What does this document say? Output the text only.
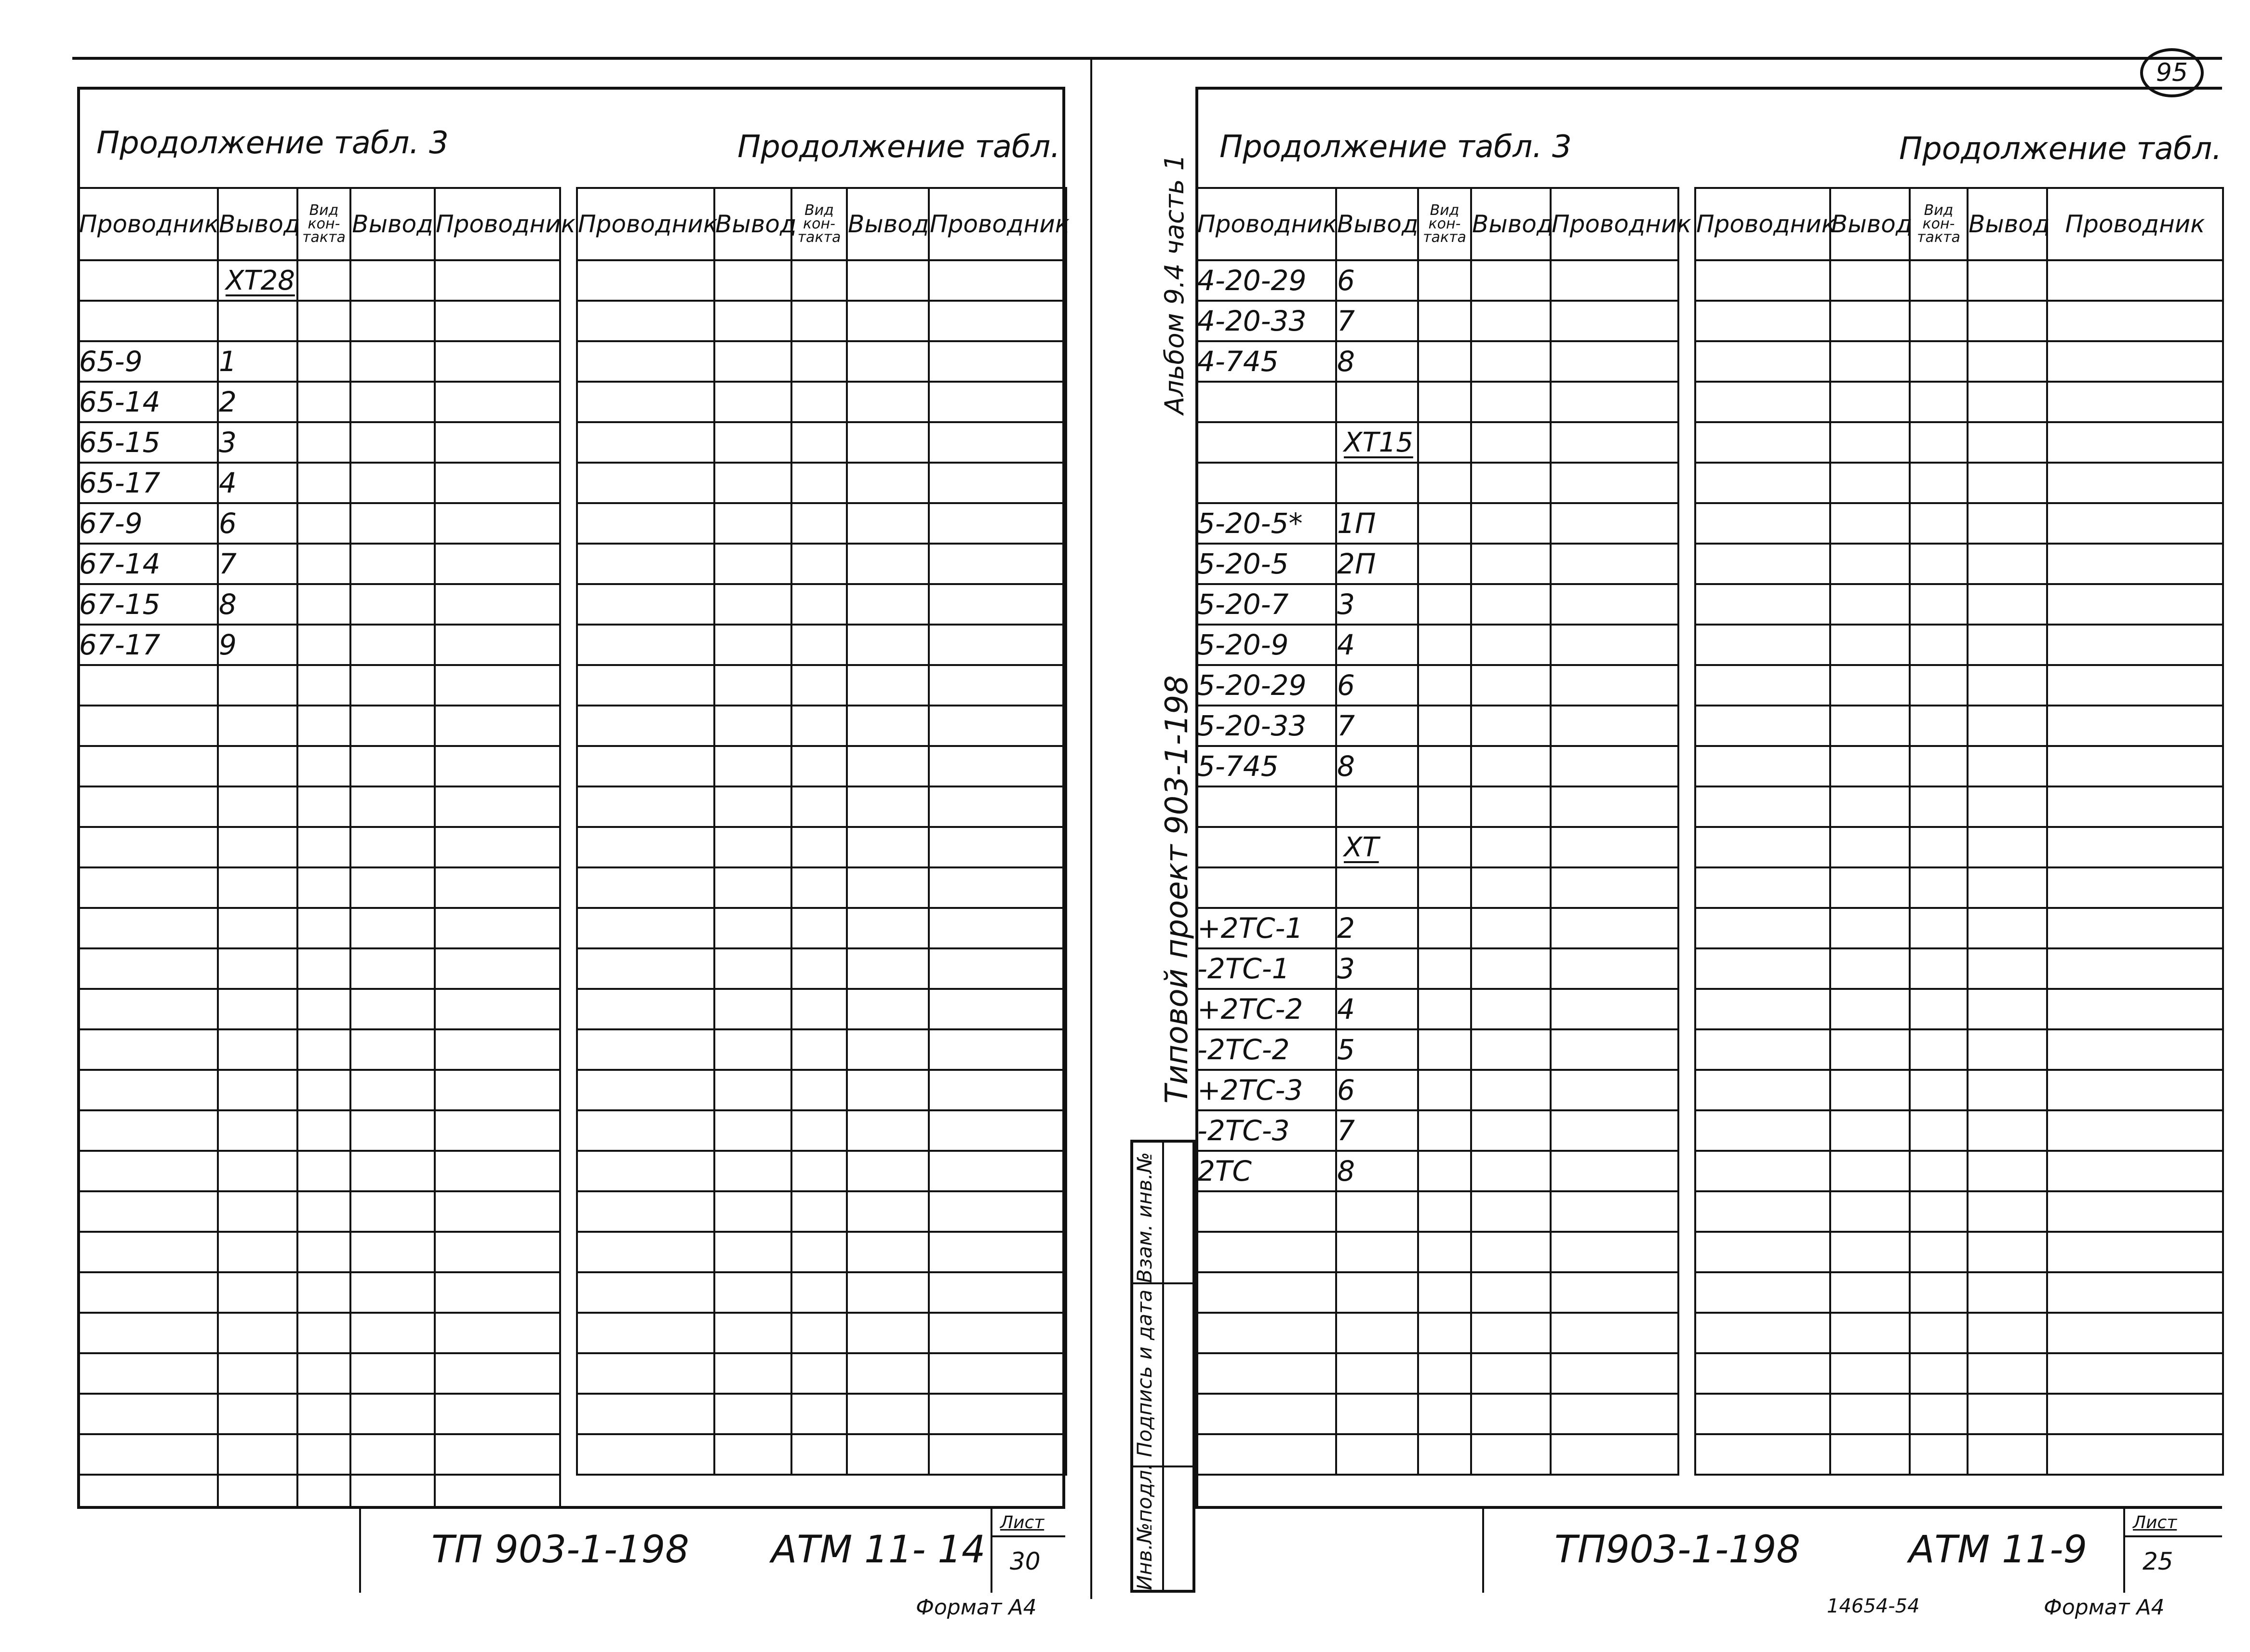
95
Продолжение табл. 3	Продолжение табл.
Проводник	Вывод	Вид кон- такта	Вывод	Проводник
	ХТ28			

65-9	1			
65-14	2			
65-15	3			
65-17	4			
67-9	6			
67-14	7			
67-15	8			
67-17	9			

Проводник	Вывод	Вид кон- такта	Вывод	Проводник

ТП 903-1-198 АТМ 11- 14
Лист
30
Формат А4
Инв.№подл. Подпись и дата Взам. инв.№
Альбом 9.4 часть 1
Типовой проект 903-1-198
Продолжение табл. 3	Продолжение табл.
Проводник	Вывод	Вид кон- такта	Вывод	Проводник
4-20-29	6			
4-20-33	7			
4-745	8			

	ХТ15			

5-20-5*	1П			
5-20-5	2П			
5-20-7	3			
5-20-9	4			
5-20-29	6			
5-20-33	7			
5-745	8			

	ХТ			

+2ТС-1	2			
-2ТС-1	3			
+2ТС-2	4			
-2ТС-2	5			
+2ТС-3	6			
-2ТС-3	7			
2ТС	8			

Проводник	Вывод	Вид кон- такта	Вывод	Проводник

ТП903-1-198	АТМ 11-9
Лист
25
14654-54	Формат А4
